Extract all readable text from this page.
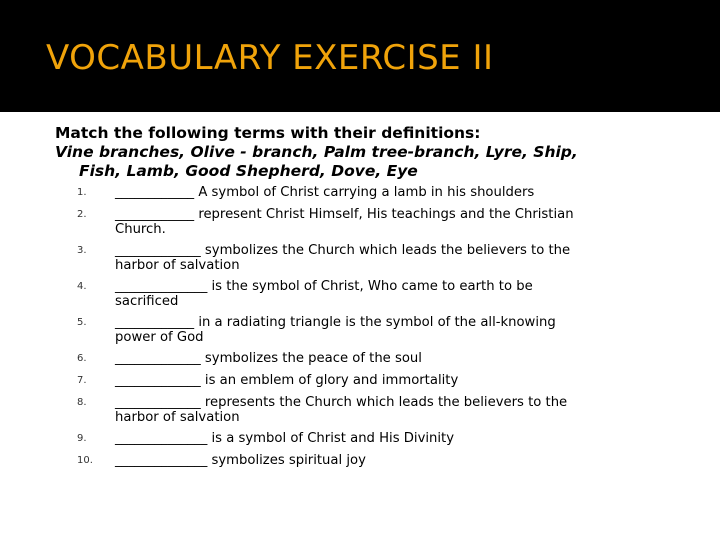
VOCABULARY EXERCISE II
Match the following terms with their definitions:
Vine branches, Olive - branch, Palm tree-branch, Lyre, Ship,
Fish, Lamb, Good Shepherd, Dove, Eye
1.	____________ A symbol of Christ carrying a lamb in his shoulders
2.	____________ represent Christ Himself, His teachings and the Christian Church.
3.	_____________ symbolizes the Church which leads the believers to the harbor of salvation
4.	______________ is the symbol of Christ, Who came to earth to be sacrificed
5.	____________ in a radiating triangle is the symbol of the all-knowing power of God
6.	_____________ symbolizes the peace of the soul
7.	_____________ is an emblem of glory and immortality
8.	_____________ represents the Church which leads the believers to the harbor of salvation
9.	______________ is a symbol of Christ and His Divinity
10.	______________ symbolizes spiritual joy
